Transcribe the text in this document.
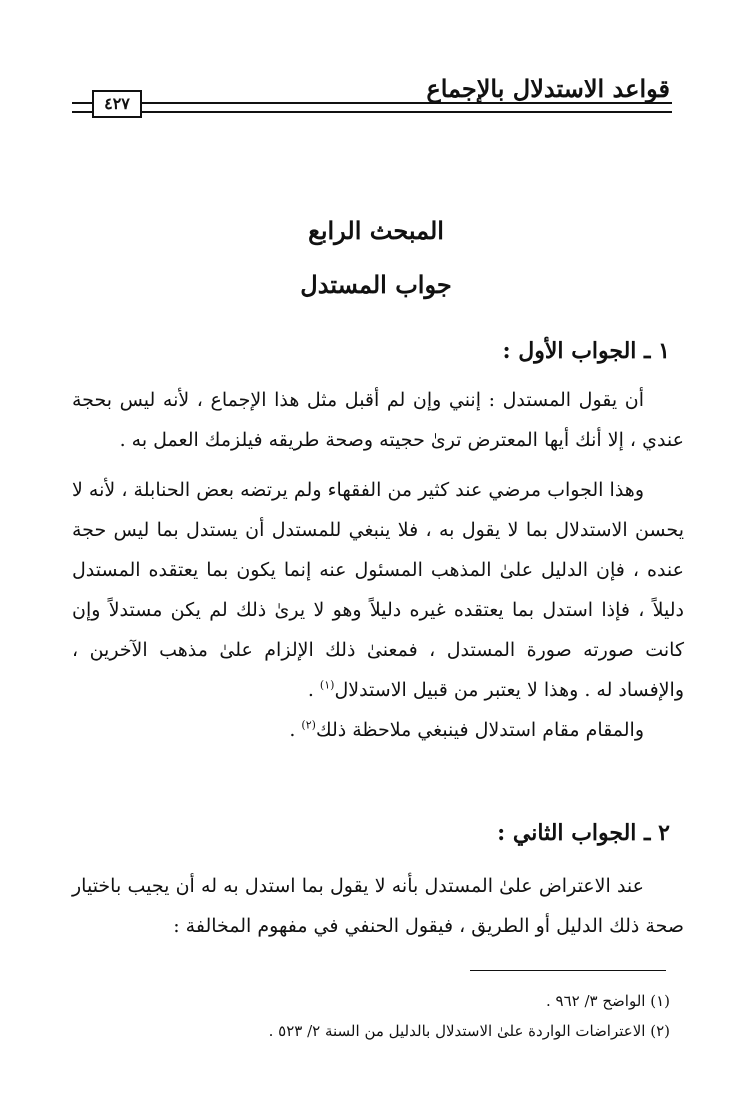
قواعد الاستدلال بالإجماع
٤٢٧
المبحث الرابع
جواب المستدل
١ ـ الجواب الأول :

أن يقول المستدل : إنني وإن لم أقبل مثل هذا الإجماع ، لأنه ليس بحجة عندي ، إلا أنك أيها المعترض ترىٰ حجيته وصحة طريقه فيلزمك العمل به .

وهذا الجواب مرضي عند كثير من الفقهاء ولم يرتضه بعض الحنابلة ، لأنه لا يحسن الاستدلال بما لا يقول به ، فلا ينبغي للمستدل أن يستدل بما ليس حجة عنده ، فإن الدليل علىٰ المذهب المسئول عنه إنما يكون بما يعتقده المستدل دليلاً ، فإذا استدل بما يعتقده غيره دليلاً وهو لا يرىٰ ذلك لم يكن مستدلاً وإن كانت صورته صورة المستدل ، فمعنىٰ ذلك الإلزام علىٰ مذهب الآخرين ، والإفساد له . وهذا لا يعتبر من قبيل الاستدلال$^{(١)}$ .

والمقام مقام استدلال فينبغي ملاحظة ذلك$^{(٢)}$ .

٢ ـ الجواب الثاني :

عند الاعتراض علىٰ المستدل بأنه لا يقول بما استدل به له أن يجيب باختيار صحة ذلك الدليل أو الطريق ، فيقول الحنفي في مفهوم المخالفة :

(١) الواضح ٣/ ٩٦٢ .
(٢) الاعتراضات الواردة علىٰ الاستدلال بالدليل من السنة ٢/ ٥٢٣ .
